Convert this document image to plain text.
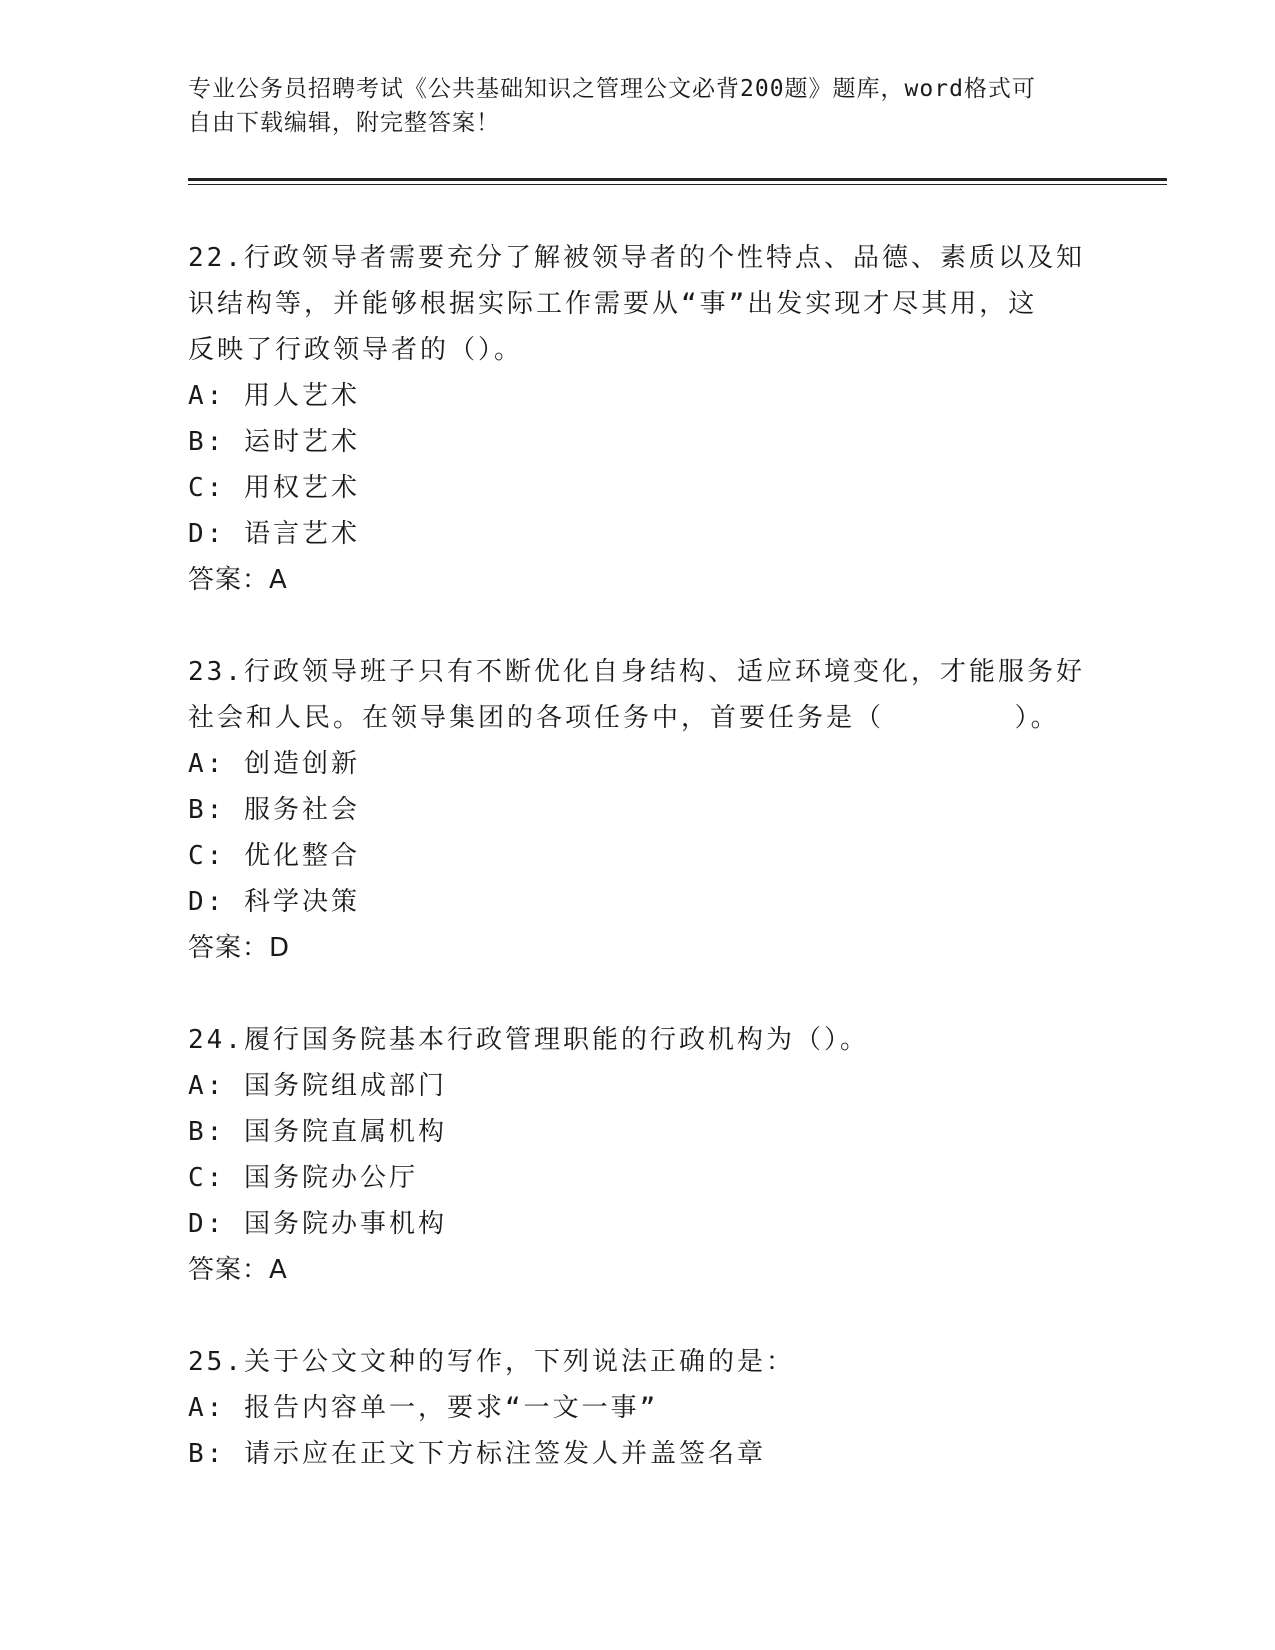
专业公务员招聘考试《公共基础知识之管理公文必背200题》题库，word格式可
自由下载编辑，附完整答案！
22.行政领导者需要充分了解被领导者的个性特点、品德、素质以及知
识结构等，并能够根据实际工作需要从“事”出发实现才尽其用，这
反映了行政领导者的（）。
A: 用人艺术
B: 运时艺术
C: 用权艺术
D: 语言艺术
答案：A
23.行政领导班子只有不断优化自身结构、适应环境变化，才能服务好
社会和人民。在领导集团的各项任务中，首要任务是（       ）。
A: 创造创新
B: 服务社会
C: 优化整合
D: 科学决策
答案：D
24.履行国务院基本行政管理职能的行政机构为（）。
A: 国务院组成部门
B: 国务院直属机构
C: 国务院办公厅
D: 国务院办事机构
答案：A
25.关于公文文种的写作，下列说法正确的是：
A: 报告内容单一，要求“一文一事”
B: 请示应在正文下方标注签发人并盖签名章
